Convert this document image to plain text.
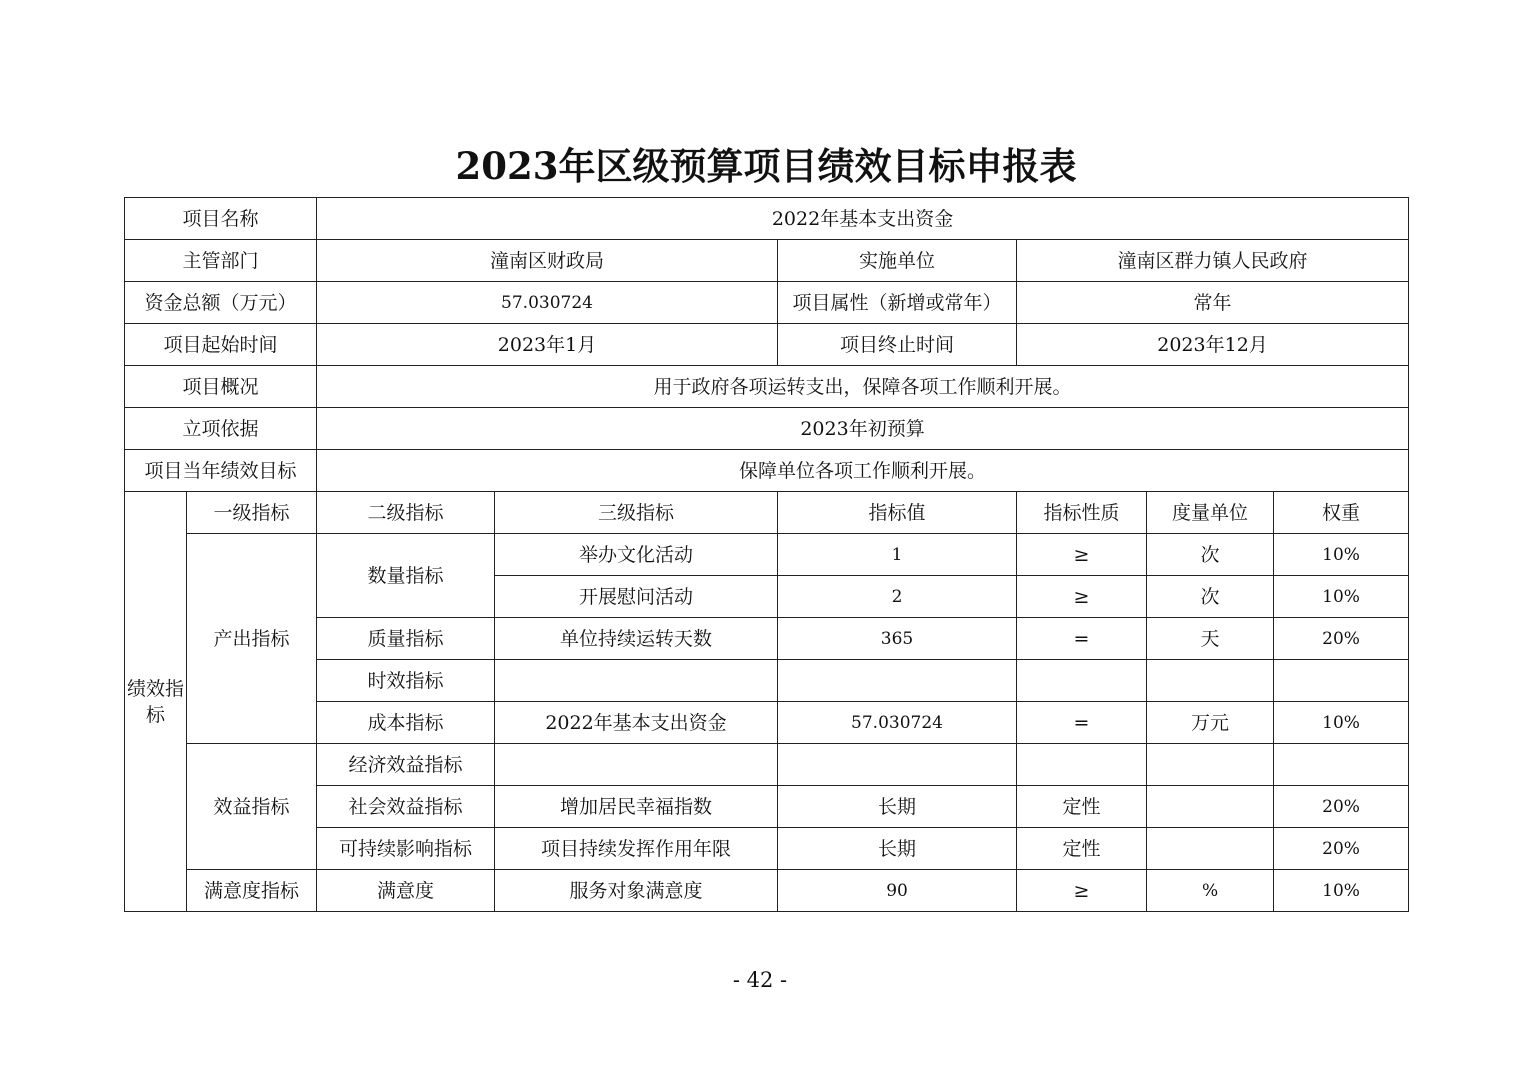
2023年区级预算项目绩效目标申报表
项目名称		2022年基本支出资金					
主管部门		潼南区财政局		实施单位	潼南区群力镇人民政府		
资金总额（万元）		57.030724		项目属性（新增或常年）	常年		
项目起始时间		2023年1月		项目终止时间	2023年12月		
项目概况		用于政府各项运转支出，保障各项工作顺利开展。					
立项依据		2023年初预算					
项目当年绩效目标		保障单位各项工作顺利开展。					
绩效指标	一级指标	二级指标	三级指标	指标值	指标性质	度量单位	权重
	产出指标	数量指标	举办文化活动	1	≥	次	10%
			开展慰问活动	2	≥	次	10%
		质量指标	单位持续运转天数	365	=	天	20%
		时效指标					
		成本指标	2022年基本支出资金	57.030724	=	万元	10%
	效益指标	经济效益指标					
		社会效益指标	增加居民幸福指数	长期	定性		20%
		可持续影响指标	项目持续发挥作用年限	长期	定性		20%
	满意度指标	满意度	服务对象满意度	90	≥	%	10%

- 42 -
